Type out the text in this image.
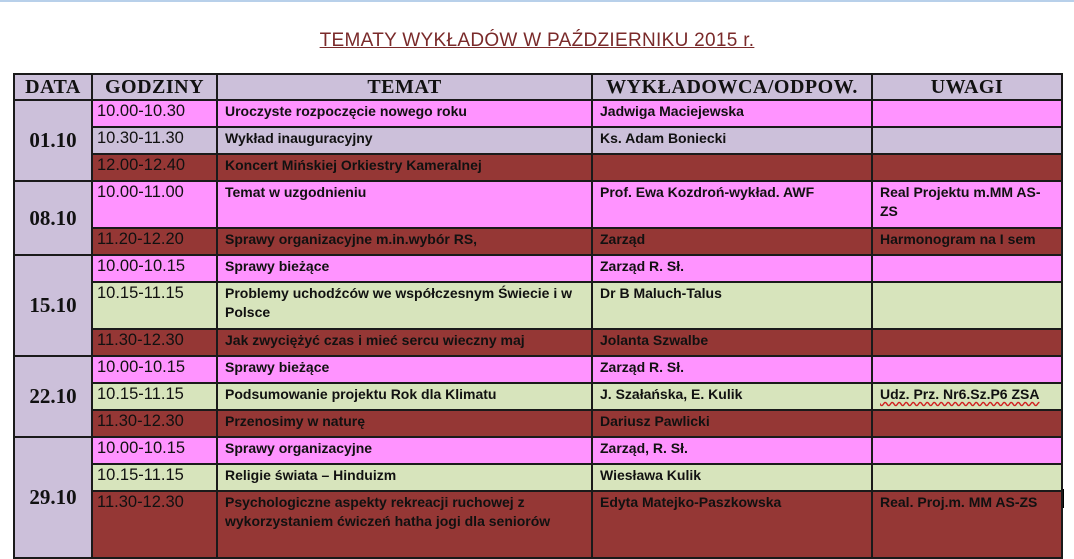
TEMATY WYKŁADÓW W PAŹDZIERNIKU 2015 r.
DATA	GODZINY	TEMAT	WYKŁADOWCA/ODPOW.	UWAGI
01.10	10.00-10.30	Uroczyste rozpoczęcie nowego roku	Jadwiga Maciejewska	
	10.30-11.30	Wykład inauguracyjny	Ks. Adam Boniecki	
	12.00-12.40	Koncert Mińskiej Orkiestry Kameralnej		
08.10	10.00-11.00	Temat w uzgodnieniu	Prof. Ewa Kozdroń-wykład. AWF	Real Projektu m.MM AS-ZS
	11.20-12.20	Sprawy organizacyjne m.in.wybór RS,	Zarząd	Harmonogram na I sem
15.10	10.00-10.15	Sprawy bieżące	Zarząd R. Sł.	
	10.15-11.15	Problemy uchodźców we współczesnym Świecie i w Polsce	Dr B Maluch-Talus	
	11.30-12.30	Jak zwyciężyć czas i mieć sercu wieczny maj	Jolanta Szwalbe	
22.10	10.00-10.15	Sprawy bieżące	Zarząd R. Sł.	
	10.15-11.15	Podsumowanie projektu Rok dla Klimatu	J. Szałańska, E. Kulik	Udz. Prz. Nr6.Sz.P6 ZSA
	11.30-12.30	Przenosimy w naturę	Dariusz Pawlicki	
29.10	10.00-10.15	Sprawy organizacyjne	Zarząd, R. Sł.	
	10.15-11.15	Religie świata – Hinduizm	Wiesława Kulik	
	11.30-12.30	Psychologiczne aspekty rekreacji ruchowej z wykorzystaniem ćwiczeń hatha jogi dla seniorów	Edyta Matejko-Paszkowska	Real. Proj.m. MM AS-ZS
